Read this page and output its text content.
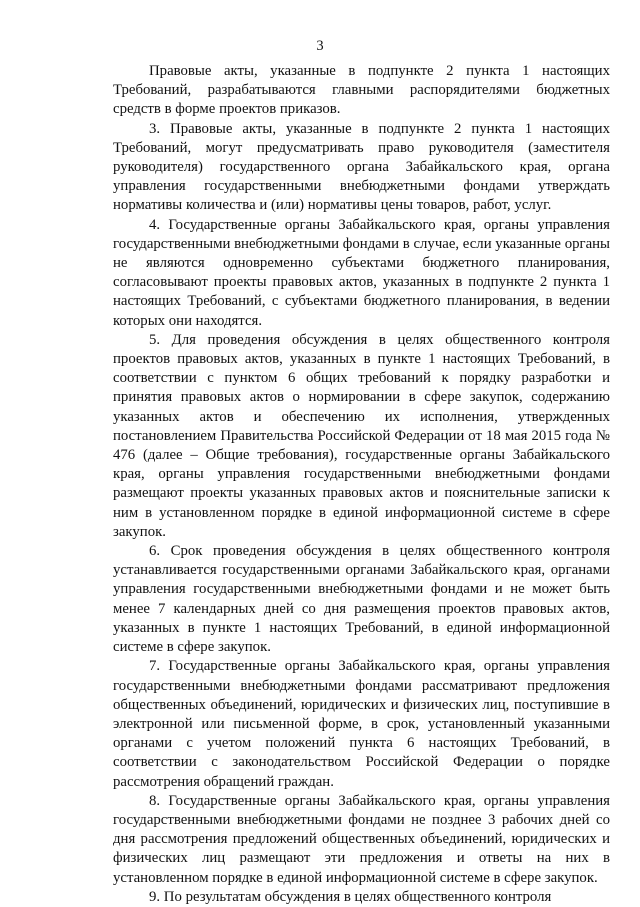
3

Правовые акты, указанные в подпункте 2 пункта 1 настоящих Требований, разрабатываются главными распорядителями бюджетных средств в форме проектов приказов.

3. Правовые акты, указанные в подпункте 2 пункта 1 настоящих Требований, могут предусматривать право руководителя (заместителя руководителя) государственного органа Забайкальского края, органа управления государственными внебюджетными фондами утверждать нормативы количества и (или) нормативы цены товаров, работ, услуг.

4. Государственные органы Забайкальского края, органы управления государственными внебюджетными фондами в случае, если указанные органы не являются одновременно субъектами бюджетного планирования, согласовывают проекты правовых актов, указанных в подпункте 2 пункта 1 настоящих Требований, с субъектами бюджетного планирования, в ведении которых они находятся.

5. Для проведения обсуждения в целях общественного контроля проектов правовых актов, указанных в пункте 1 настоящих Требований, в соответствии с пунктом 6 общих требований к порядку разработки и принятия правовых актов о нормировании в сфере закупок, содержанию указанных актов и обеспечению их исполнения, утвержденных постановлением Правительства Российской Федерации от 18 мая 2015 года № 476 (далее – Общие требования), государственные органы Забайкальского края, органы управления государственными внебюджетными фондами размещают проекты указанных правовых актов и пояснительные записки к ним в установленном порядке в единой информационной системе в сфере закупок.

6. Срок проведения обсуждения в целях общественного контроля устанавливается государственными органами Забайкальского края, органами управления государственными внебюджетными фондами и не может быть менее 7 календарных дней со дня размещения проектов правовых актов, указанных в пункте 1 настоящих Требований, в единой информационной системе в сфере закупок.

7. Государственные органы Забайкальского края, органы управления государственными внебюджетными фондами рассматривают предложения общественных объединений, юридических и физических лиц, поступившие в электронной или письменной форме, в срок, установленный указанными органами с учетом положений пункта 6 настоящих Требований, в соответствии с законодательством Российской Федерации о порядке рассмотрения обращений граждан.

8. Государственные органы Забайкальского края, органы управления государственными внебюджетными фондами не позднее 3 рабочих дней со дня рассмотрения предложений общественных объединений, юридических и физических лиц размещают эти предложения и ответы на них в установленном порядке в единой информационной системе в сфере закупок.

9. По результатам обсуждения в целях общественного контроля
